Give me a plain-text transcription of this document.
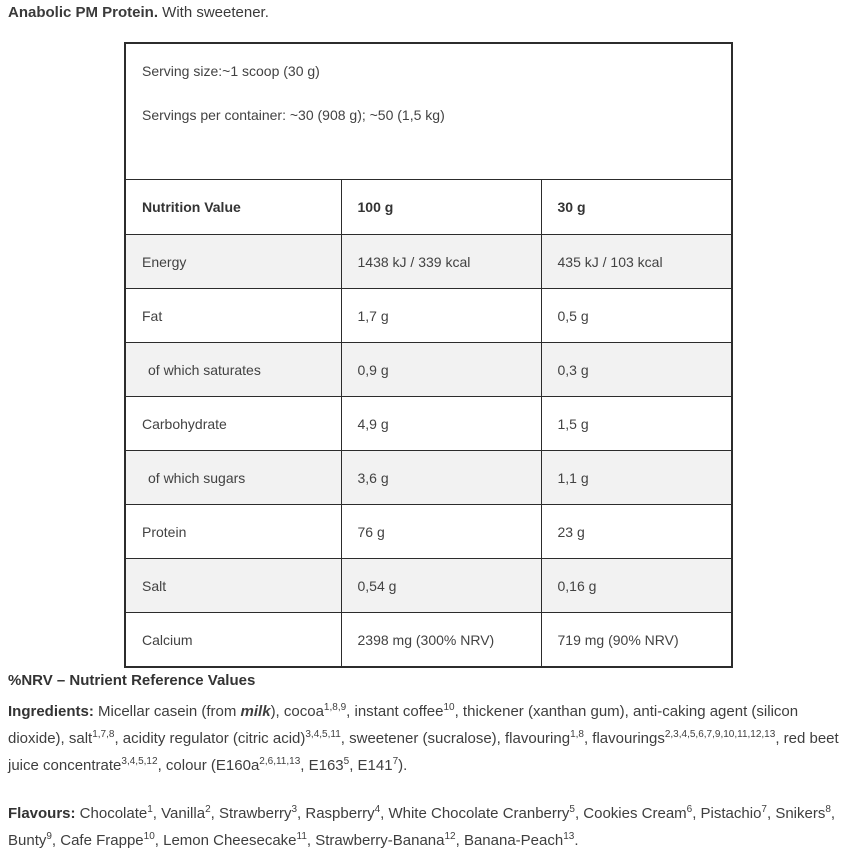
Anabolic PM Protein. With sweetener.

Serving size:~1 scoop (30 g)

Servings per container: ~30 (908 g); ~50 (1,5 kg)		

Nutrition Value	100 g	30 g
Energy	1438 kJ / 339 kcal	435 kJ / 103 kcal
Fat	1,7 g	0,5 g
of which saturates	0,9 g	0,3 g
Carbohydrate	4,9 g	1,5 g
of which sugars	3,6 g	1,1 g
Protein	76 g	23 g
Salt	0,54 g	0,16 g
Calcium	2398 mg (300% NRV)	719 mg (90% NRV)

%NRV – Nutrient Reference Values

Ingredients: Micellar casein (from milk), cocoa$^{1,8,9}$, instant coffee$^{10}$, thickener (xanthan gum), anti-caking agent (silicon dioxide), salt$^{1,7,8}$, acidity regulator (citric acid)$^{3,4,5,11}$, sweetener (sucralose), flavouring$^{1,8}$, flavourings$^{2,3,4,5,6,7,9,10,11,12,13}$, red beet juice concentrate$^{3,4,5,12}$, colour ($E160a^{2,6,11,13}$, $E163^5$, $E141^7$).

Flavours: Chocolate$^1$, Vanilla$^2$, Strawberry$^3$, Raspberry$^4$, White Chocolate Cranberry$^5$, Cookies Cream$^6$, Pistachio$^7$, Snikers$^8$, Bunty$^9$, Cafe Frappe$^{10}$, Lemon Cheesecake$^{11}$, Strawberry-Banana$^{12}$, Banana-Peach$^{13}$.
